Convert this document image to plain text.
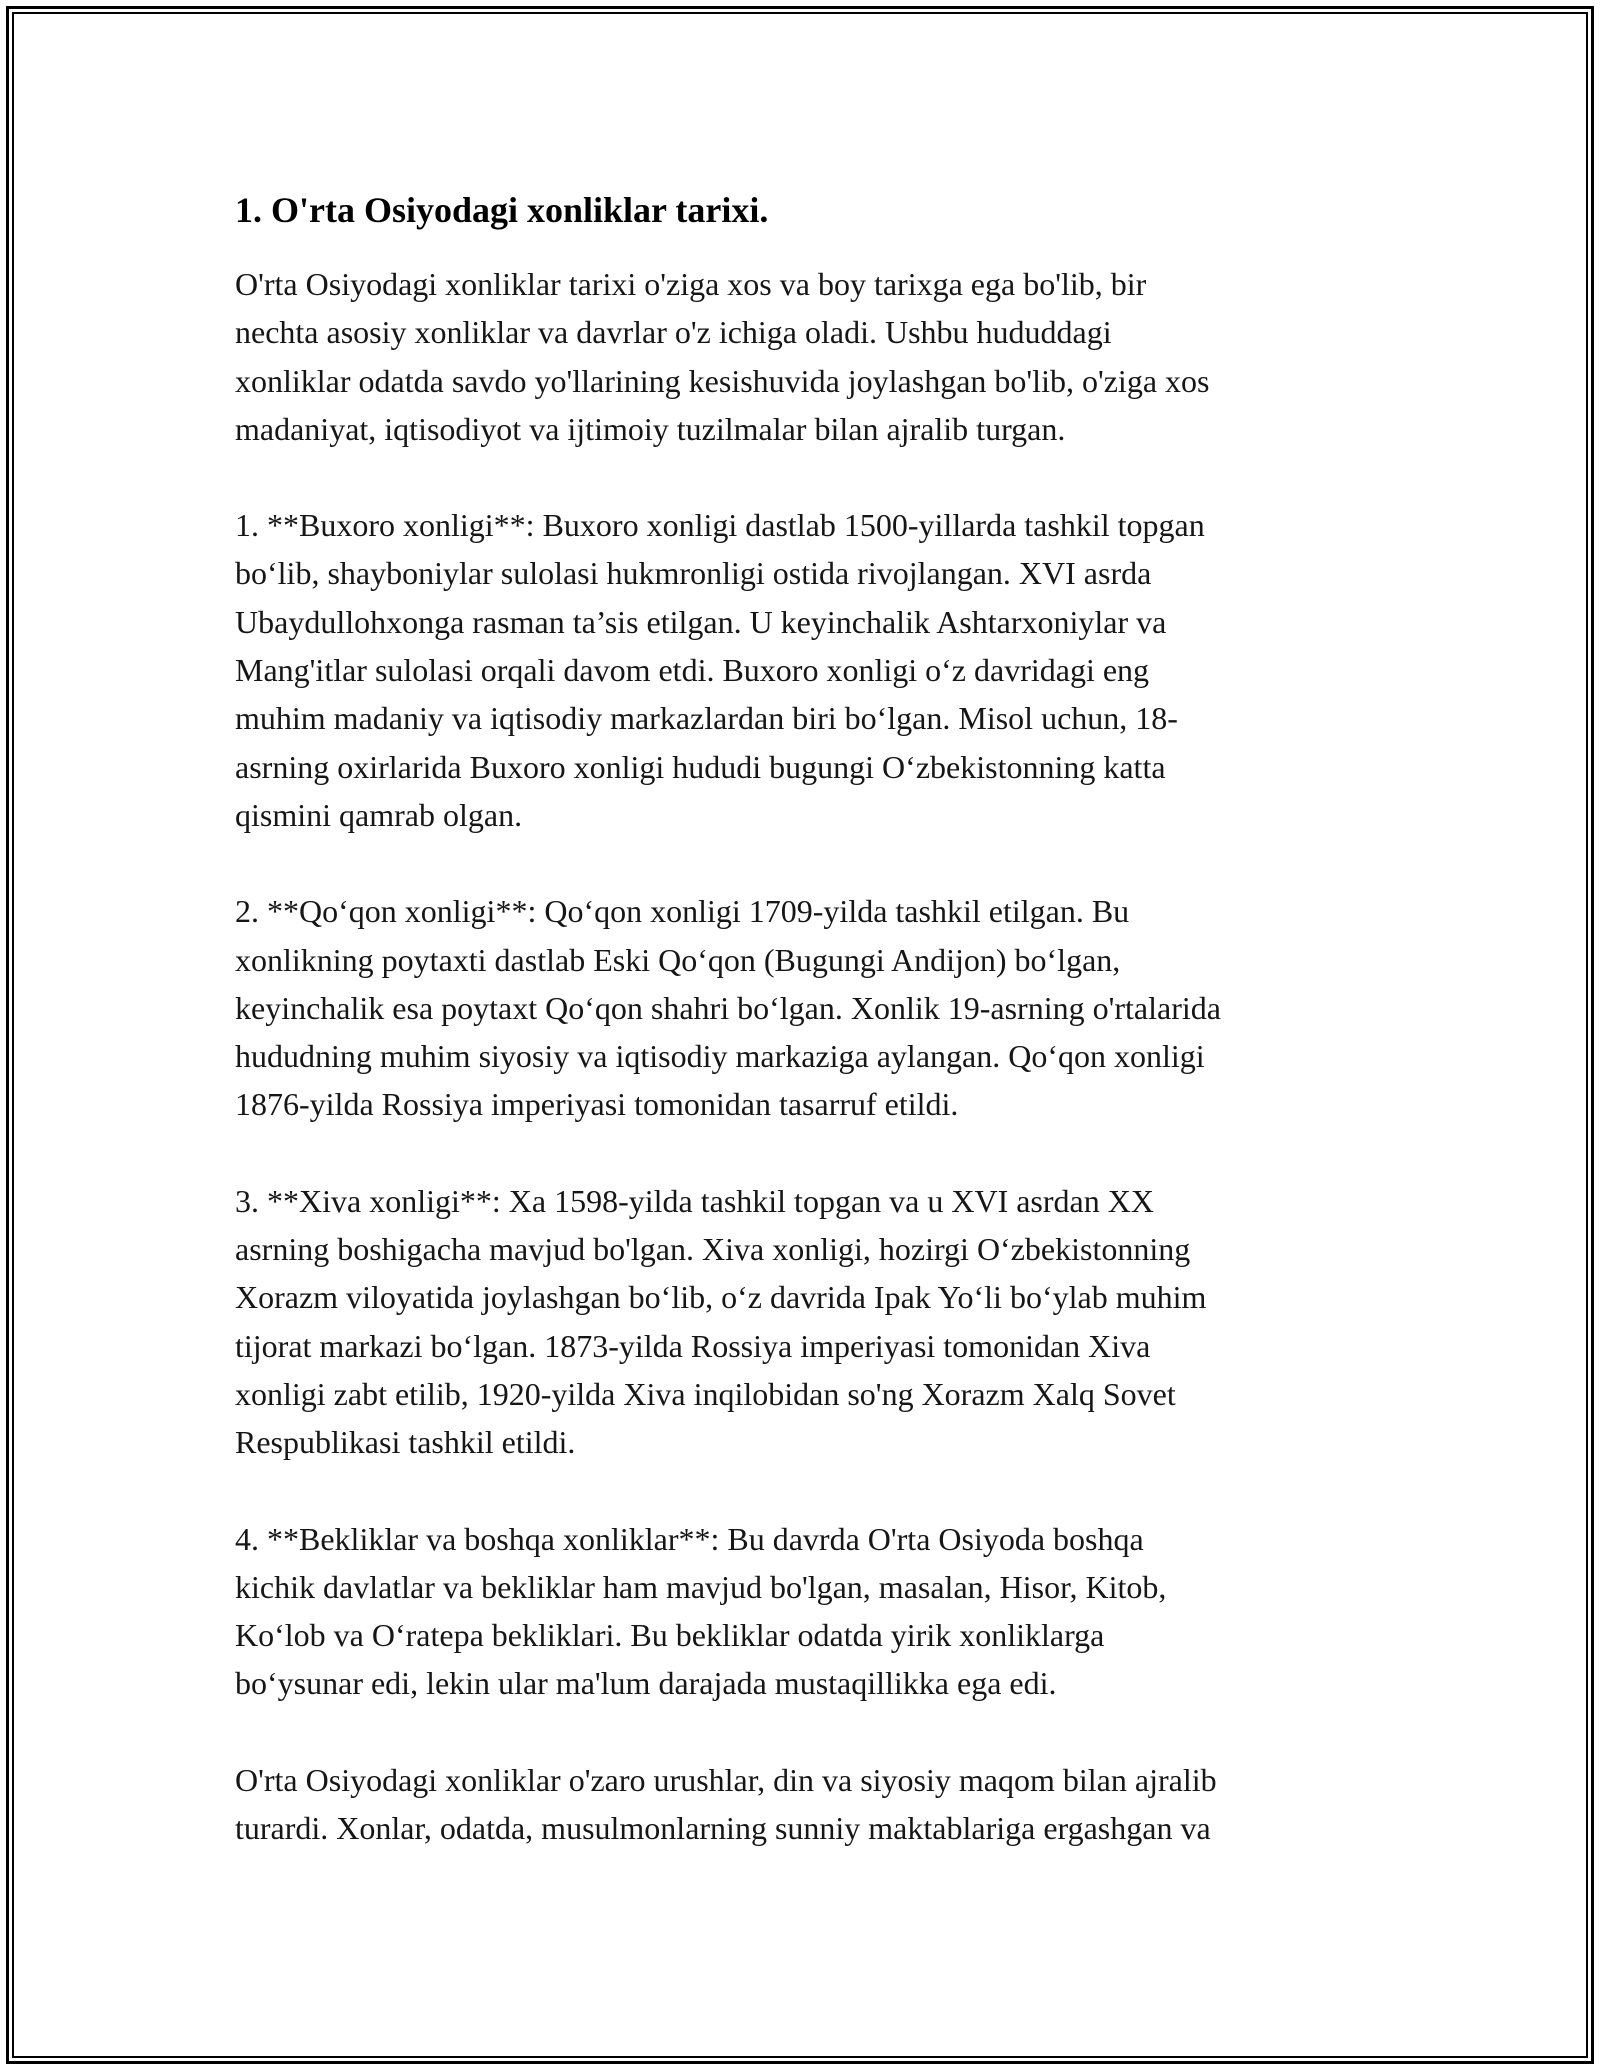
1. O'rta Osiyodagi xonliklar tarixi.

O'rta Osiyodagi xonliklar tarixi o'ziga xos va boy tarixga ega bo'lib, bir
nechta asosiy xonliklar va davrlar o'z ichiga oladi. Ushbu hududdagi
xonliklar odatda savdo yo'llarining kesishuvida joylashgan bo'lib, o'ziga xos
madaniyat, iqtisodiyot va ijtimoiy tuzilmalar bilan ajralib turgan.

1. **Buxoro xonligi**: Buxoro xonligi dastlab 1500-yillarda tashkil topgan
bo‘lib, shayboniylar sulolasi hukmronligi ostida rivojlangan. XVI asrda
Ubaydullohxonga rasman ta’sis etilgan. U keyinchalik Ashtarxoniylar va
Mang'itlar sulolasi orqali davom etdi. Buxoro xonligi o‘z davridagi eng
muhim madaniy va iqtisodiy markazlardan biri bo‘lgan. Misol uchun, 18-
asrning oxirlarida Buxoro xonligi hududi bugungi O‘zbekistonning katta
qismini qamrab olgan.

2. **Qo‘qon xonligi**: Qo‘qon xonligi 1709-yilda tashkil etilgan. Bu
xonlikning poytaxti dastlab Eski Qo‘qon (Bugungi Andijon) bo‘lgan,
keyinchalik esa poytaxt Qo‘qon shahri bo‘lgan. Xonlik 19-asrning o'rtalarida
hududning muhim siyosiy va iqtisodiy markaziga aylangan. Qo‘qon xonligi
1876-yilda Rossiya imperiyasi tomonidan tasarruf etildi.

3. **Xiva xonligi**: Xa 1598-yilda tashkil topgan va u XVI asrdan XX
asrning boshigacha mavjud bo'lgan. Xiva xonligi, hozirgi O‘zbekistonning
Xorazm viloyatida joylashgan bo‘lib, o‘z davrida Ipak Yo‘li bo‘ylab muhim
tijorat markazi bo‘lgan. 1873-yilda Rossiya imperiyasi tomonidan Xiva
xonligi zabt etilib, 1920-yilda Xiva inqilobidan so'ng Xorazm Xalq Sovet
Respublikasi tashkil etildi.

4. **Bekliklar va boshqa xonliklar**: Bu davrda O'rta Osiyoda boshqa
kichik davlatlar va bekliklar ham mavjud bo'lgan, masalan, Hisor, Kitob,
Ko‘lob va O‘ratepa bekliklari. Bu bekliklar odatda yirik xonliklarga
bo‘ysunar edi, lekin ular ma'lum darajada mustaqillikka ega edi.

O'rta Osiyodagi xonliklar o'zaro urushlar, din va siyosiy maqom bilan ajralib
turardi. Xonlar, odatda, musulmonlarning sunniy maktablariga ergashgan va
